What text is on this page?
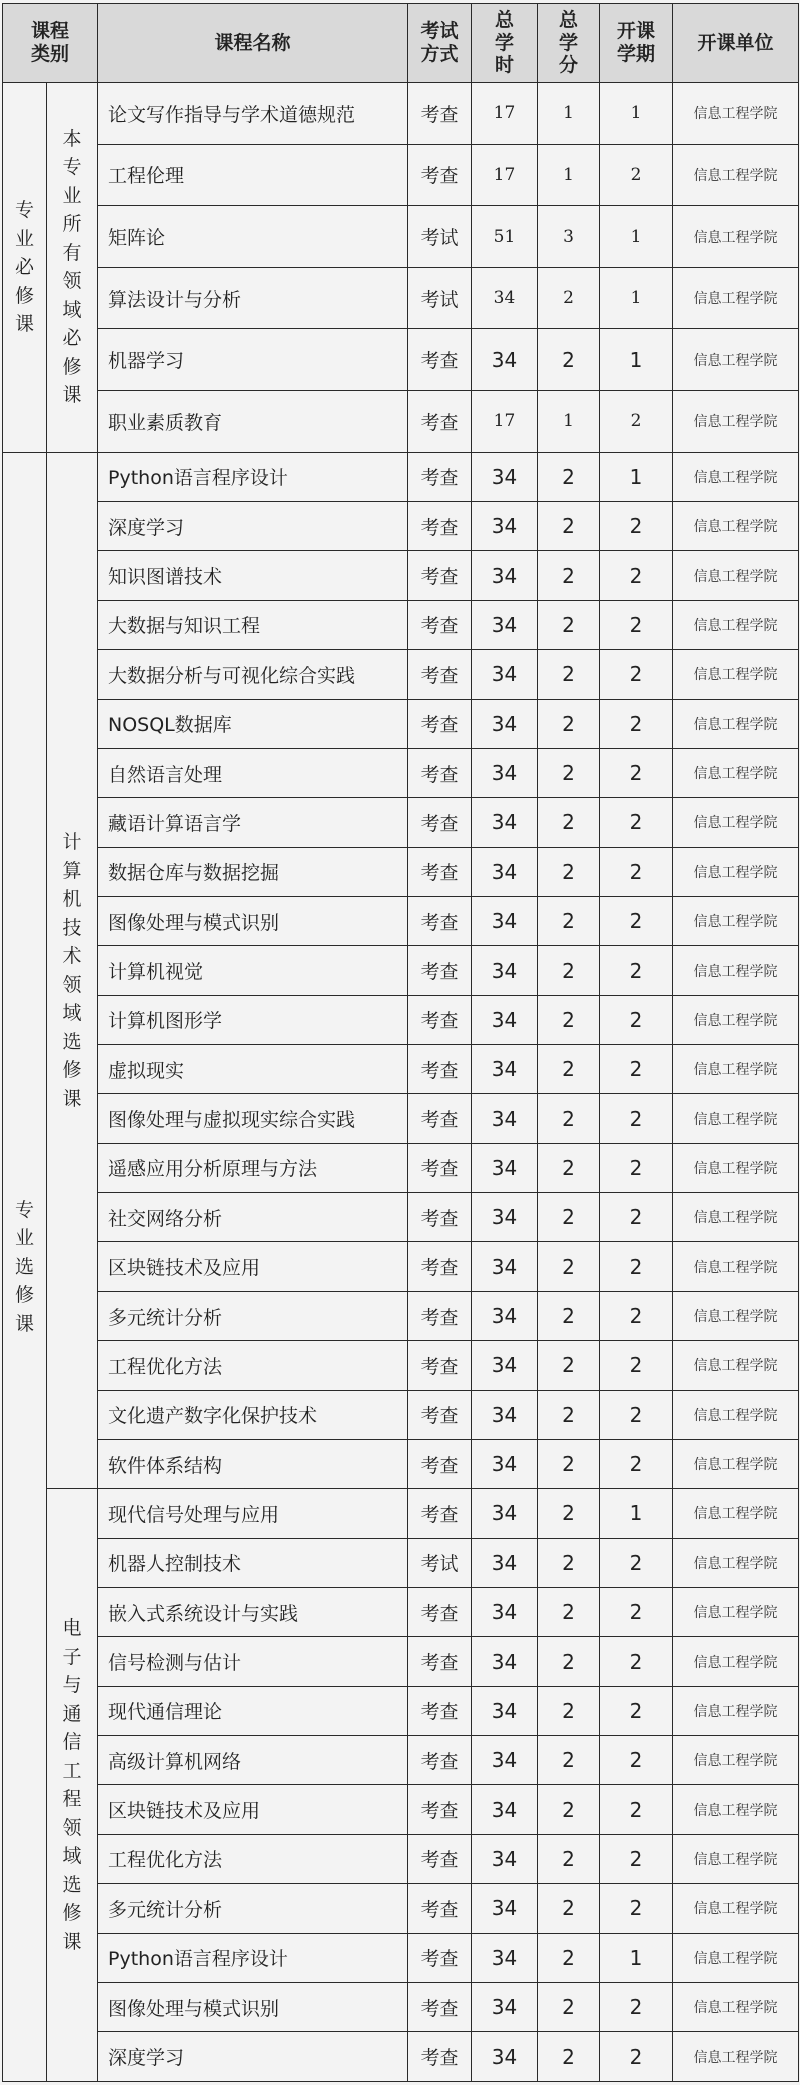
课程类别		课程名称	考试方式	总学时	总学分	开课学期	开课单位
专业必修课	本专业所有领域必修课	论文写作指导与学术道德规范	考查	17	1	1	信息工程学院
		工程伦理	考查	17	1	2	信息工程学院
		矩阵论	考试	51	3	1	信息工程学院
		算法设计与分析	考试	34	2	1	信息工程学院
		机器学习	考查	34	2	1	信息工程学院
		职业素质教育	考查	17	1	2	信息工程学院
专业选修课	计算机技术领域选修课	Python语言程序设计	考查	34	2	1	信息工程学院
		深度学习	考查	34	2	2	信息工程学院
		知识图谱技术	考查	34	2	2	信息工程学院
		大数据与知识工程	考查	34	2	2	信息工程学院
		大数据分析与可视化综合实践	考查	34	2	2	信息工程学院
		NOSQL数据库	考查	34	2	2	信息工程学院
		自然语言处理	考查	34	2	2	信息工程学院
		藏语计算语言学	考查	34	2	2	信息工程学院
		数据仓库与数据挖掘	考查	34	2	2	信息工程学院
		图像处理与模式识别	考查	34	2	2	信息工程学院
		计算机视觉	考查	34	2	2	信息工程学院
		计算机图形学	考查	34	2	2	信息工程学院
		虚拟现实	考查	34	2	2	信息工程学院
		图像处理与虚拟现实综合实践	考查	34	2	2	信息工程学院
		遥感应用分析原理与方法	考查	34	2	2	信息工程学院
		社交网络分析	考查	34	2	2	信息工程学院
		区块链技术及应用	考查	34	2	2	信息工程学院
		多元统计分析	考查	34	2	2	信息工程学院
		工程优化方法	考查	34	2	2	信息工程学院
		文化遗产数字化保护技术	考查	34	2	2	信息工程学院
		软件体系结构	考查	34	2	2	信息工程学院
	电子与通信工程领域选修课	现代信号处理与应用	考查	34	2	1	信息工程学院
		机器人控制技术	考试	34	2	2	信息工程学院
		嵌入式系统设计与实践	考查	34	2	2	信息工程学院
		信号检测与估计	考查	34	2	2	信息工程学院
		现代通信理论	考查	34	2	2	信息工程学院
		高级计算机网络	考查	34	2	2	信息工程学院
		区块链技术及应用	考查	34	2	2	信息工程学院
		工程优化方法	考查	34	2	2	信息工程学院
		多元统计分析	考查	34	2	2	信息工程学院
		Python语言程序设计	考查	34	2	1	信息工程学院
		图像处理与模式识别	考查	34	2	2	信息工程学院
		深度学习	考查	34	2	2	信息工程学院
